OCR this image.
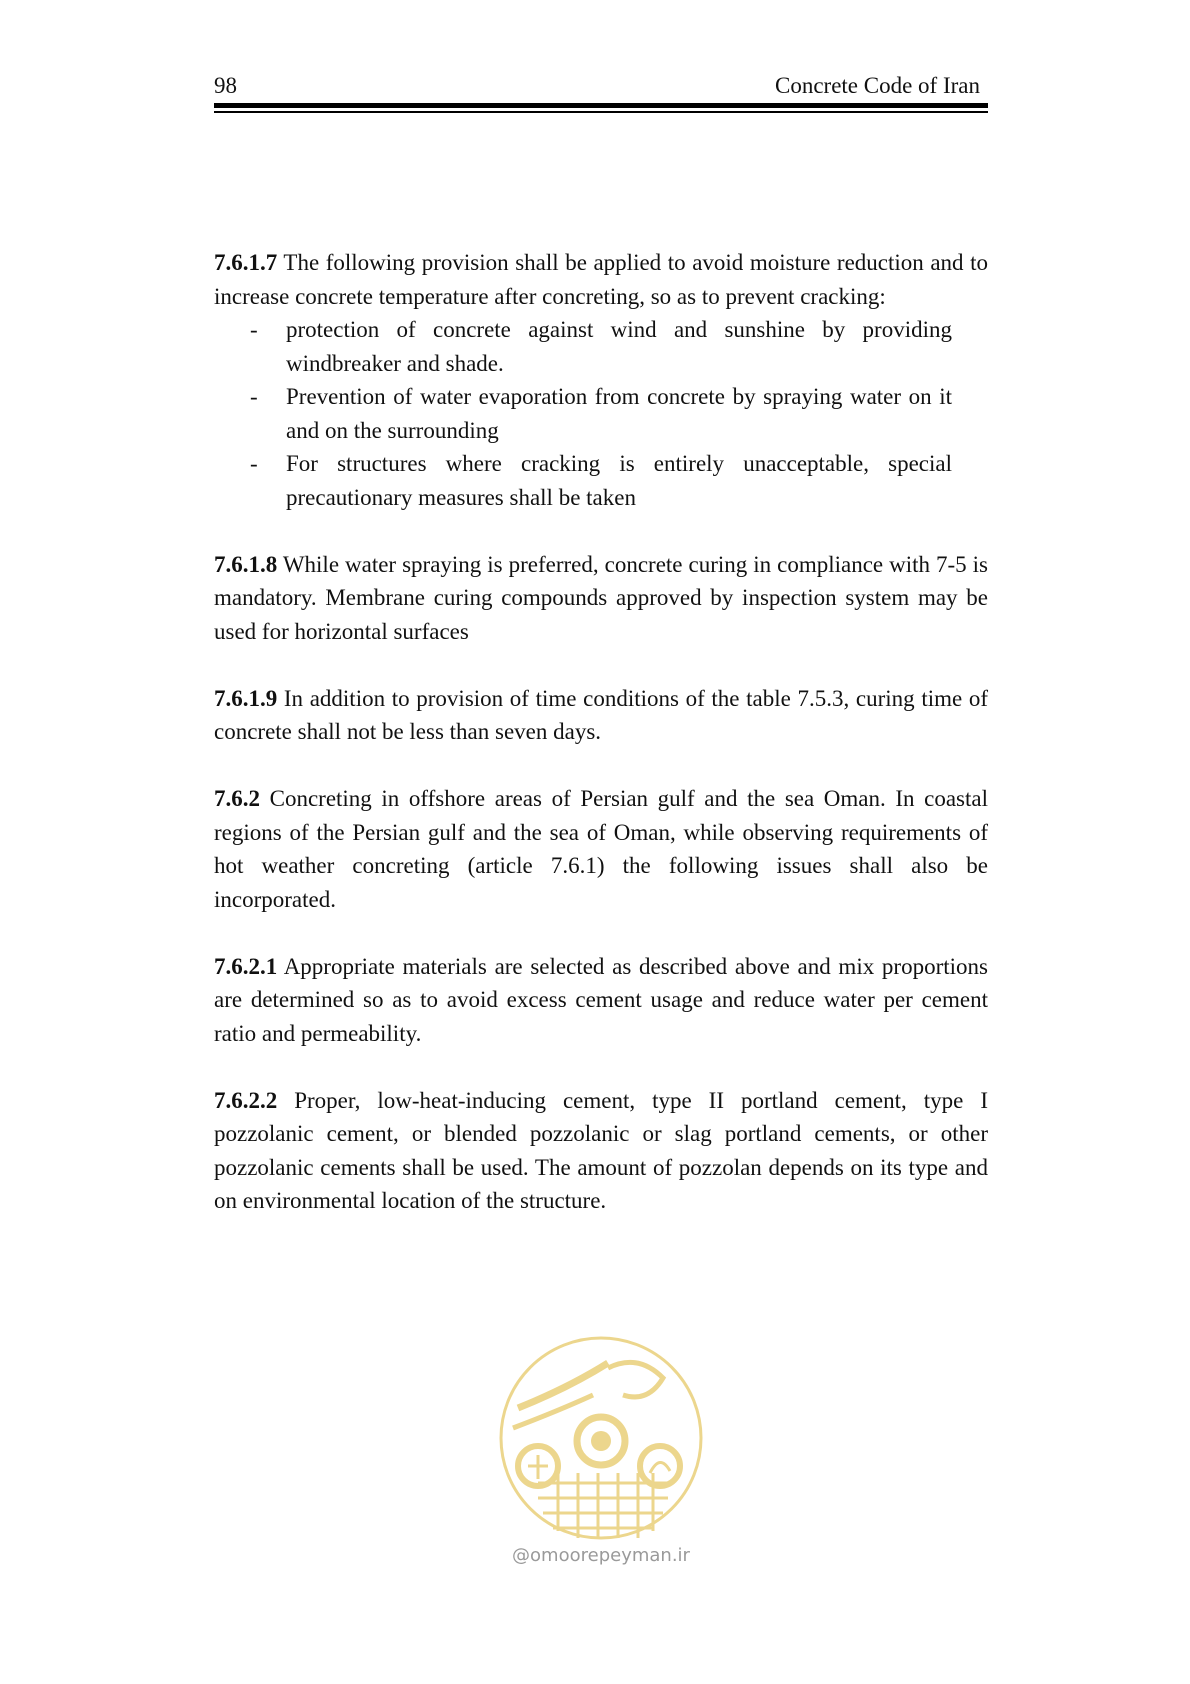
98	Concrete Code of Iran

7.6.1.7 The following provision shall be applied to avoid moisture reduction and to increase concrete temperature after concreting, so as to prevent cracking:

- protection of concrete against wind and sunshine by providing windbreaker and shade.
- Prevention of water evaporation from concrete by spraying water on it and on the surrounding
- For structures where cracking is entirely unacceptable, special precautionary measures shall be taken

7.6.1.8 While water spraying is preferred, concrete curing in compliance with 7-5 is mandatory. Membrane curing compounds approved by inspection system may be used for horizontal surfaces

7.6.1.9 In addition to provision of time conditions of the table 7.5.3, curing time of concrete shall not be less than seven days.

7.6.2 Concreting in offshore areas of Persian gulf and the sea Oman. In coastal regions of the Persian gulf and the sea of Oman, while observing requirements of hot weather concreting (article 7.6.1) the following issues shall also be incorporated.

7.6.2.1 Appropriate materials are selected as described above and mix proportions are determined so as to avoid excess cement usage and reduce water per cement ratio and permeability.

7.6.2.2 Proper, low-heat-inducing cement, type II portland cement, type I pozzolanic cement, or blended pozzolanic or slag portland cements, or other pozzolanic cements shall be used. The amount of pozzolan depends on its type and on environmental location of the structure.

@omoorepeyman.ir
